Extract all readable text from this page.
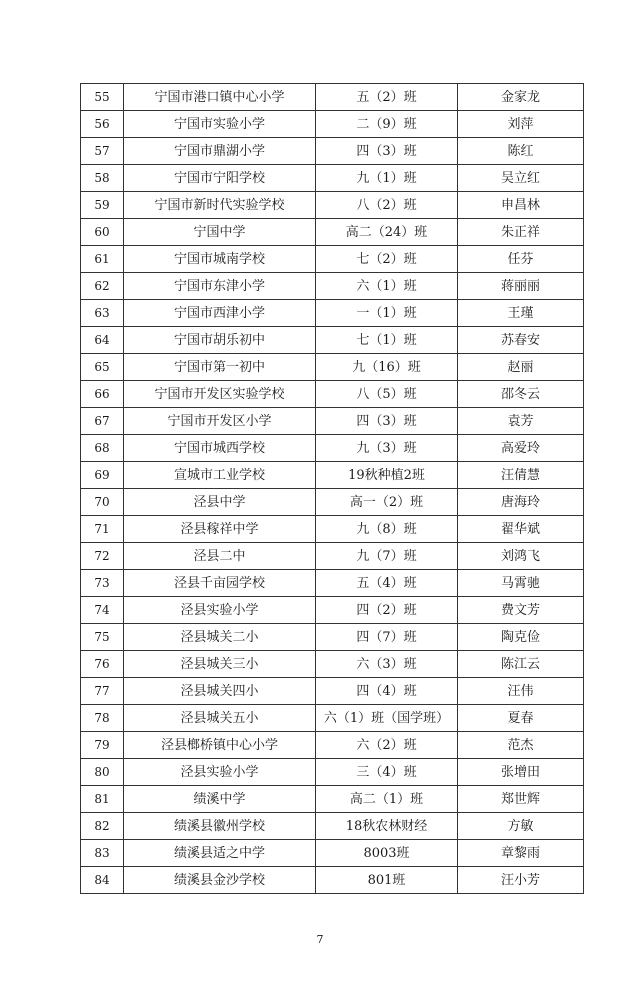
55	宁国市港口镇中心小学	五（2）班	金家龙
56	宁国市实验小学	二（9）班	刘萍
57	宁国市鼎湖小学	四（3）班	陈红
58	宁国市宁阳学校	九（1）班	吴立红
59	宁国市新时代实验学校	八（2）班	申昌林
60	宁国中学	高二（24）班	朱正祥
61	宁国市城南学校	七（2）班	任芬
62	宁国市东津小学	六（1）班	蒋丽丽
63	宁国市西津小学	一（1）班	王瑾
64	宁国市胡乐初中	七（1）班	苏春安
65	宁国市第一初中	九（16）班	赵丽
66	宁国市开发区实验学校	八（5）班	邵冬云
67	宁国市开发区小学	四（3）班	袁芳
68	宁国市城西学校	九（3）班	高爱玲
69	宣城市工业学校	19秋种植2班	汪倩慧
70	泾县中学	高一（2）班	唐海玲
71	泾县稼祥中学	九（8）班	翟华斌
72	泾县二中	九（7）班	刘鸿飞
73	泾县千亩园学校	五（4）班	马霄驰
74	泾县实验小学	四（2）班	费文芳
75	泾县城关二小	四（7）班	陶克俭
76	泾县城关三小	六（3）班	陈江云
77	泾县城关四小	四（4）班	汪伟
78	泾县城关五小	六（1）班（国学班）	夏春
79	泾县榔桥镇中心小学	六（2）班	范杰
80	泾县实验小学	三（4）班	张增田
81	绩溪中学	高二（1）班	郑世辉
82	绩溪县徽州学校	18秋农林财经	方敏
83	绩溪县适之中学	8003班	章黎雨
84	绩溪县金沙学校	801班	汪小芳
7
